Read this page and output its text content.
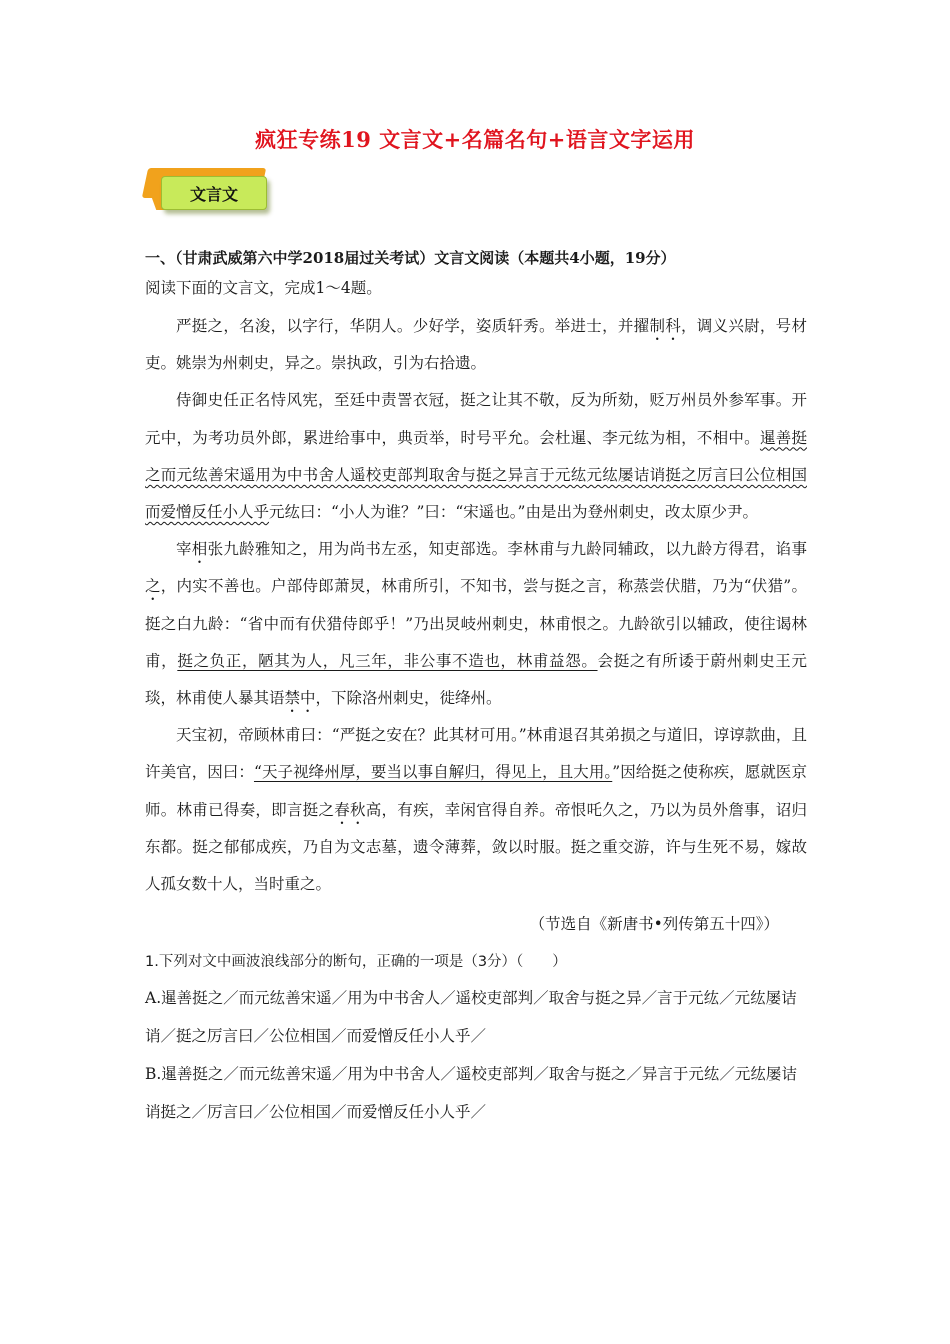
疯狂专练19 文言文+名篇名句+语言文字运用
文言文

一、（甘肃武威第六中学2018届过关考试）文言文阅读（本题共4小题，19分）

阅读下面的文言文，完成1～4题。

严挺之，名浚，以字行，华阴人。少好学，姿质轩秀。举进士，并擢制科，调义兴尉，号材吏。姚崇为州刺史，异之。崇执政，引为右拾遗。

侍御史任正名恃风宪，至廷中责詈衣冠，挺之让其不敬，反为所劾，贬万州员外参军事。开元中，为考功员外郎，累进给事中，典贡举，时号平允。会杜暹、李元纮为相，不相中。暹善挺之而元纮善宋遥用为中书舍人遥校吏部判取舍与挺之异言于元纮元纮屡诘诮挺之厉言曰公位相国而爱憎反任小人乎元纮曰：“小人为谁？”曰：“宋遥也。”由是出为登州刺史，改太原少尹。

宰相张九龄雅知之，用为尚书左丞，知吏部选。李林甫与九龄同辅政，以九龄方得君，谄事之，内实不善也。户部侍郎萧炅，林甫所引，不知书，尝与挺之言，称蒸尝伏腊，乃为“伏猎”。挺之白九龄：“省中而有伏猎侍郎乎！”乃出炅岐州刺史，林甫恨之。九龄欲引以辅政，使往谒林甫，挺之负正，陋其为人，凡三年，非公事不造也，林甫益怨。会挺之有所诿于蔚州刺史王元琰，林甫使人暴其语禁中，下除洛州刺史，徙绛州。

天宝初，帝顾林甫曰：“严挺之安在？此其材可用。”林甫退召其弟损之与道旧，谆谆款曲，且许美官，因曰：“天子视绛州厚，要当以事自解归，得见上，且大用。”因给挺之使称疾，愿就医京师。林甫已得奏，即言挺之春秋高，有疾，幸闲官得自养。帝恨吒久之，乃以为员外詹事，诏归东都。挺之郁郁成疾，乃自为文志墓，遗令薄葬，敛以时服。挺之重交游，许与生死不易，嫁故人孤女数十人，当时重之。

（节选自《新唐书•列传第五十四》）

1.下列对文中画波浪线部分的断句，正确的一项是（3分）（　　）

A.暹善挺之／而元纮善宋遥／用为中书舍人／遥校吏部判／取舍与挺之异／言于元纮／元纮屡诘诮／挺之厉言曰／公位相国／而爱憎反任小人乎／

B.暹善挺之／而元纮善宋遥／用为中书舍人／遥校吏部判／取舍与挺之／异言于元纮／元纮屡诘诮挺之／厉言曰／公位相国／而爱憎反任小人乎／
